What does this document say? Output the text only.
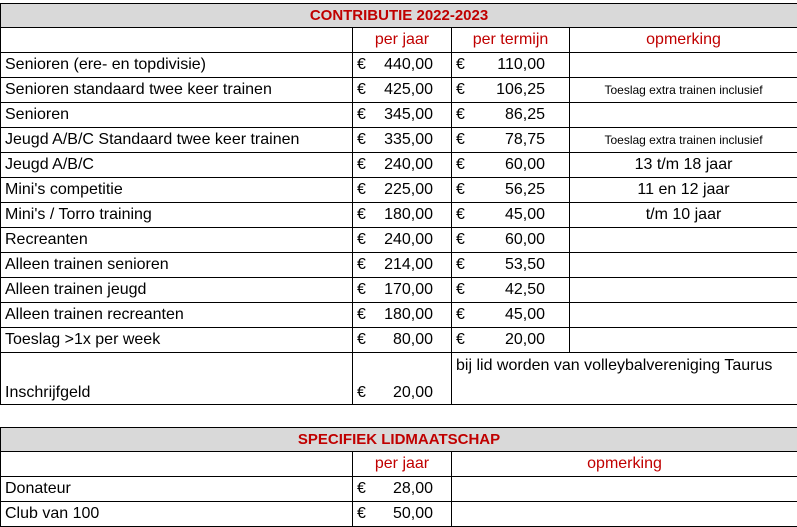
CONTRIBUTIE 2022-2023			
	per jaar	per termijn	opmerking
Senioren (ere- en topdivisie)	€ 440,00	€ 110,00	

Senioren standaard twee keer trainen	€ 425,00	€ 106,25	Toeslag extra trainen inclusief
Senioren	€ 345,00	€ 86,25	

Jeugd A/B/C Standaard twee keer trainen	€ 335,00	€ 78,75	Toeslag extra trainen inclusief
Jeugd A/B/C	€ 240,00	€ 60,00	13 t/m 18 jaar
Mini's competitie	€ 225,00	€ 56,25	11 en 12 jaar
Mini's / Torro training	€ 180,00	€ 45,00	t/m 10 jaar
Recreanten	€ 240,00	€ 60,00	

Alleen trainen senioren	€ 214,00	€ 53,50	

Alleen trainen jeugd	€ 170,00	€ 42,50	

Alleen trainen recreanten	€ 180,00	€ 45,00	

Toeslag >1x per week	€ 80,00	€ 20,00	

Inschrijfgeld	€ 20,00	bij lid worden van volleybalvereniging Taurus	
SPECIFIEK LIDMAATSCHAP		
	per jaar	opmerking
Donateur	€ 28,00	

Club van 100	€ 50,00	
